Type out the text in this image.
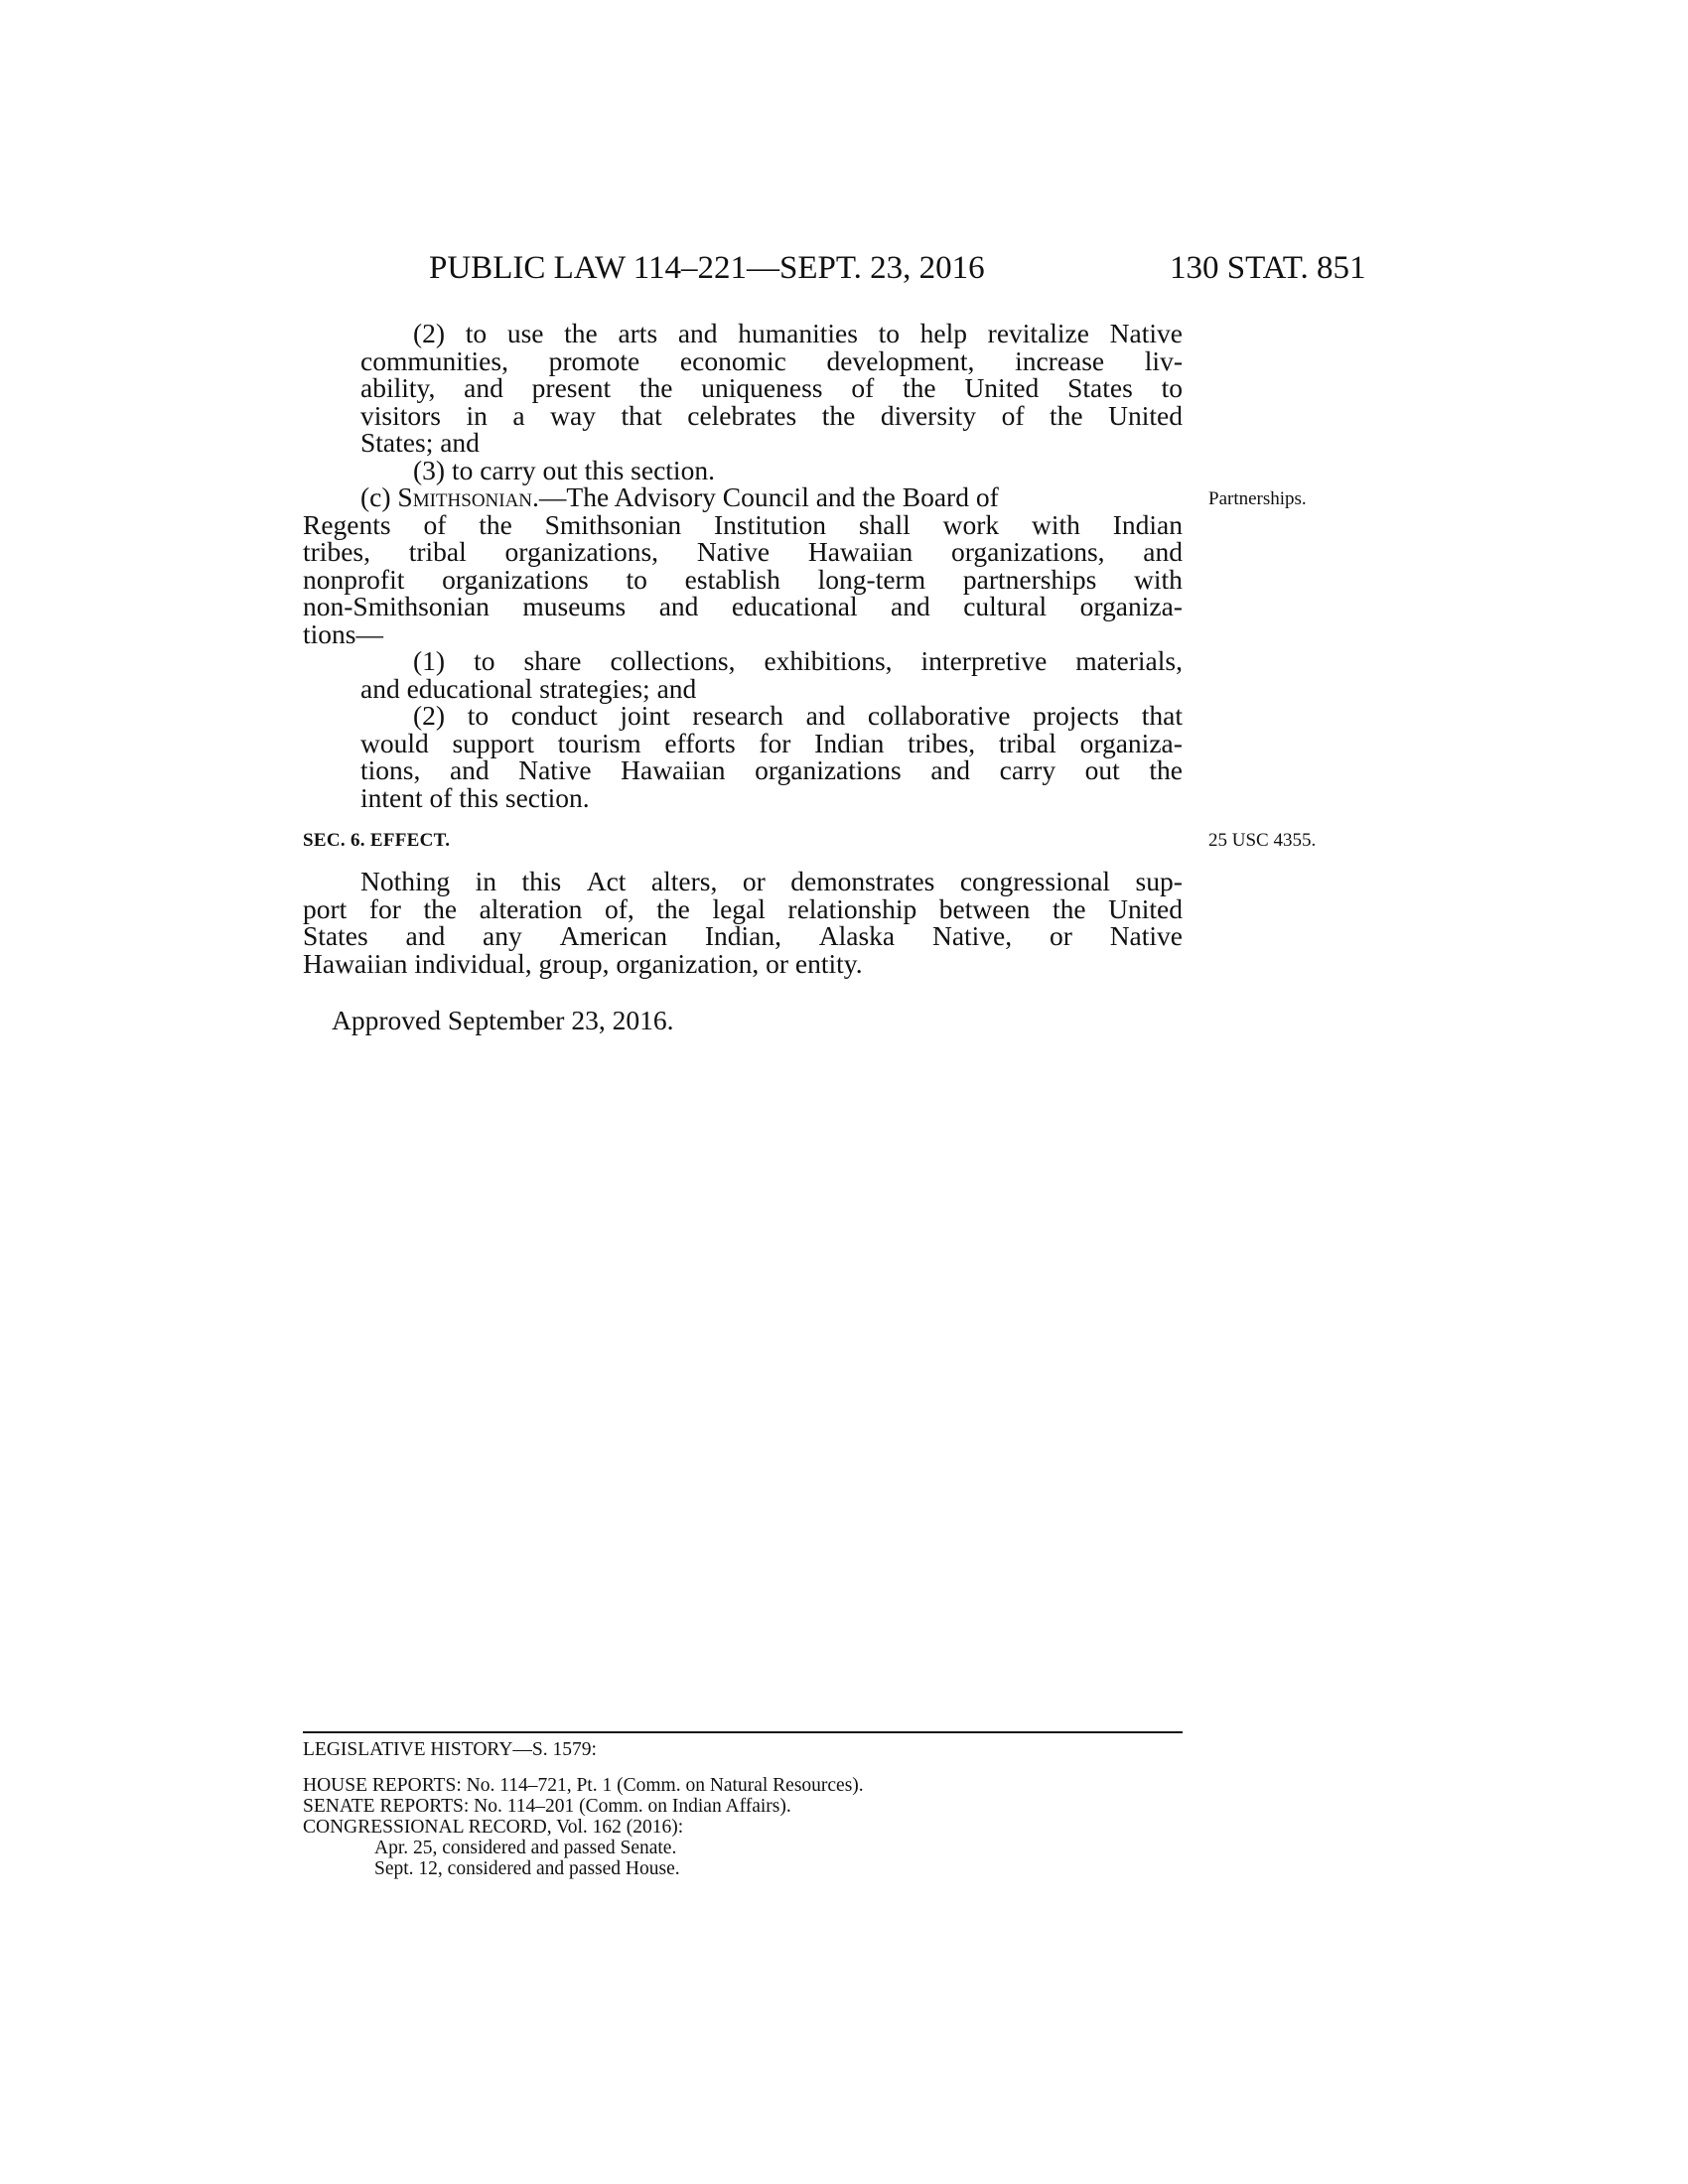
PUBLIC LAW 114–221—SEPT. 23, 2016	130 STAT. 851
(2) to use the arts and humanities to help revitalize Native
communities, promote economic development, increase liv-
ability, and present the uniqueness of the United States to
visitors in a way that celebrates the diversity of the United
States; and
(3) to carry out this section.
(c) Smithsonian.—The Advisory Council and the Board of
Regents of the Smithsonian Institution shall work with Indian
tribes, tribal organizations, Native Hawaiian organizations, and
nonprofit organizations to establish long-term partnerships with
non-Smithsonian museums and educational and cultural organiza-
tions—
(1) to share collections, exhibitions, interpretive materials,
and educational strategies; and
(2) to conduct joint research and collaborative projects that
would support tourism efforts for Indian tribes, tribal organiza-
tions, and Native Hawaiian organizations and carry out the
intent of this section.
Partnerships.
SEC. 6. EFFECT.	25 USC 4355.
Nothing in this Act alters, or demonstrates congressional sup-
port for the alteration of, the legal relationship between the United
States and any American Indian, Alaska Native, or Native
Hawaiian individual, group, organization, or entity.
Approved September 23, 2016.
LEGISLATIVE HISTORY—S. 1579:
HOUSE REPORTS: No. 114–721, Pt. 1 (Comm. on Natural Resources).
SENATE REPORTS: No. 114–201 (Comm. on Indian Affairs).
CONGRESSIONAL RECORD, Vol. 162 (2016):
Apr. 25, considered and passed Senate.
Sept. 12, considered and passed House.
